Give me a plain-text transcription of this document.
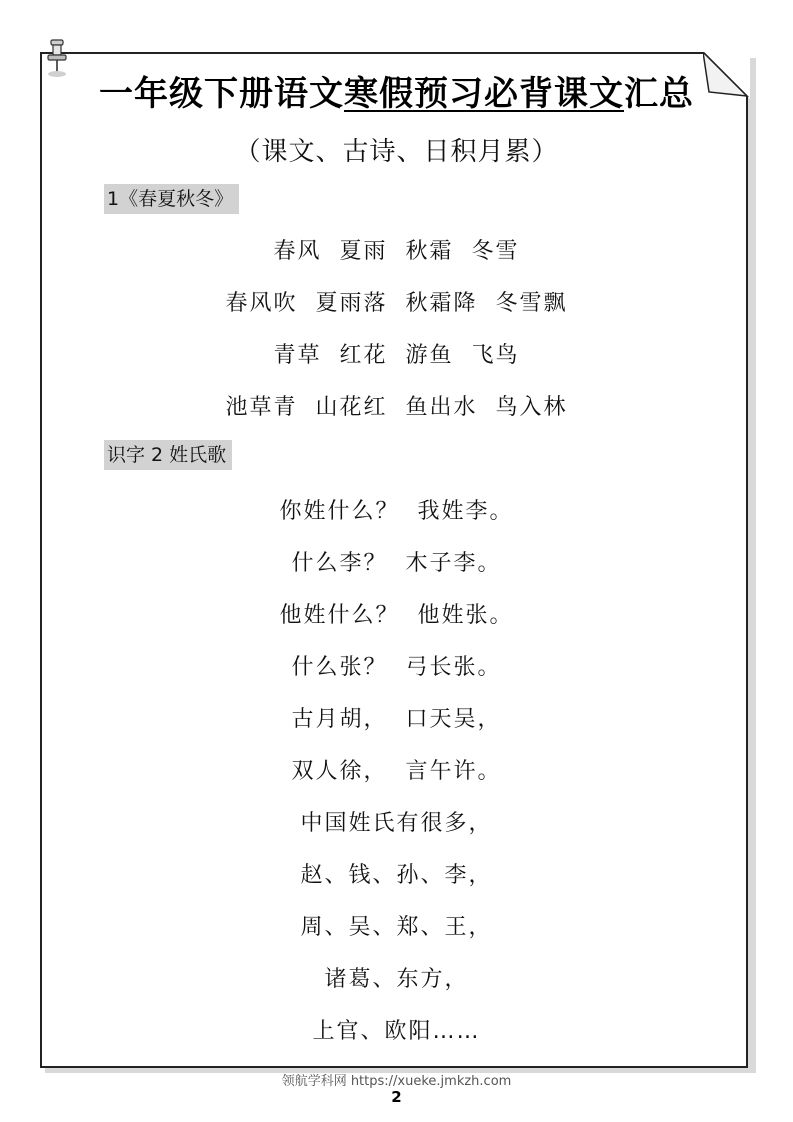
一年级下册语文寒假预习必背课文汇总
（课文、古诗、日积月累）
1《春夏秋冬》
春风  夏雨  秋霜  冬雪
春风吹  夏雨落  秋霜降  冬雪飘
青草  红花  游鱼  飞鸟
池草青  山花红  鱼出水  鸟入林
识字 2 姓氏歌
你姓什么？  我姓李。
什么李？  木子李。
他姓什么？  他姓张。
什么张？  弓长张。
古月胡，  口天吴，
双人徐，  言午许。
中国姓氏有很多，
赵、钱、孙、李，
周、吴、郑、王，
诸葛、东方，
上官、欧阳……
领航学科网 https://xueke.jmkzh.com
2
